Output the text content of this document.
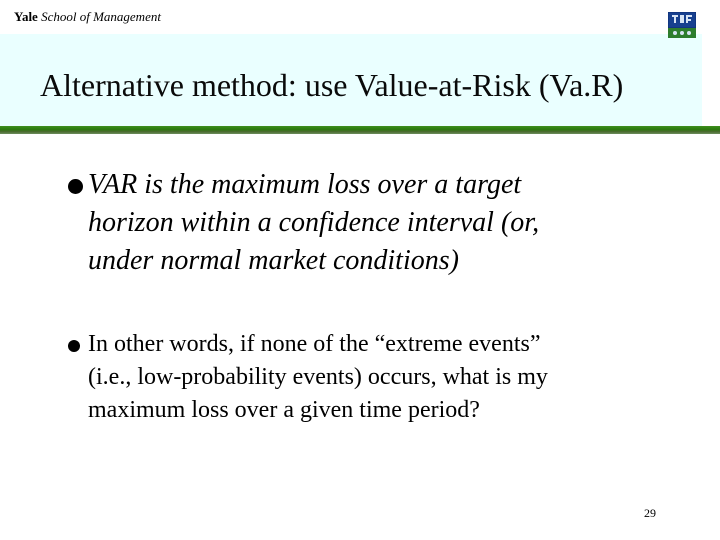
Yale School of Management
Alternative method: use Value-at-Risk (Va.R)
VAR is the maximum loss over a target
horizon within a confidence interval (or,
under normal market conditions)
In other words, if none of the “extreme events”
(i.e., low-probability events) occurs, what is my
maximum loss over a given time period?
29
